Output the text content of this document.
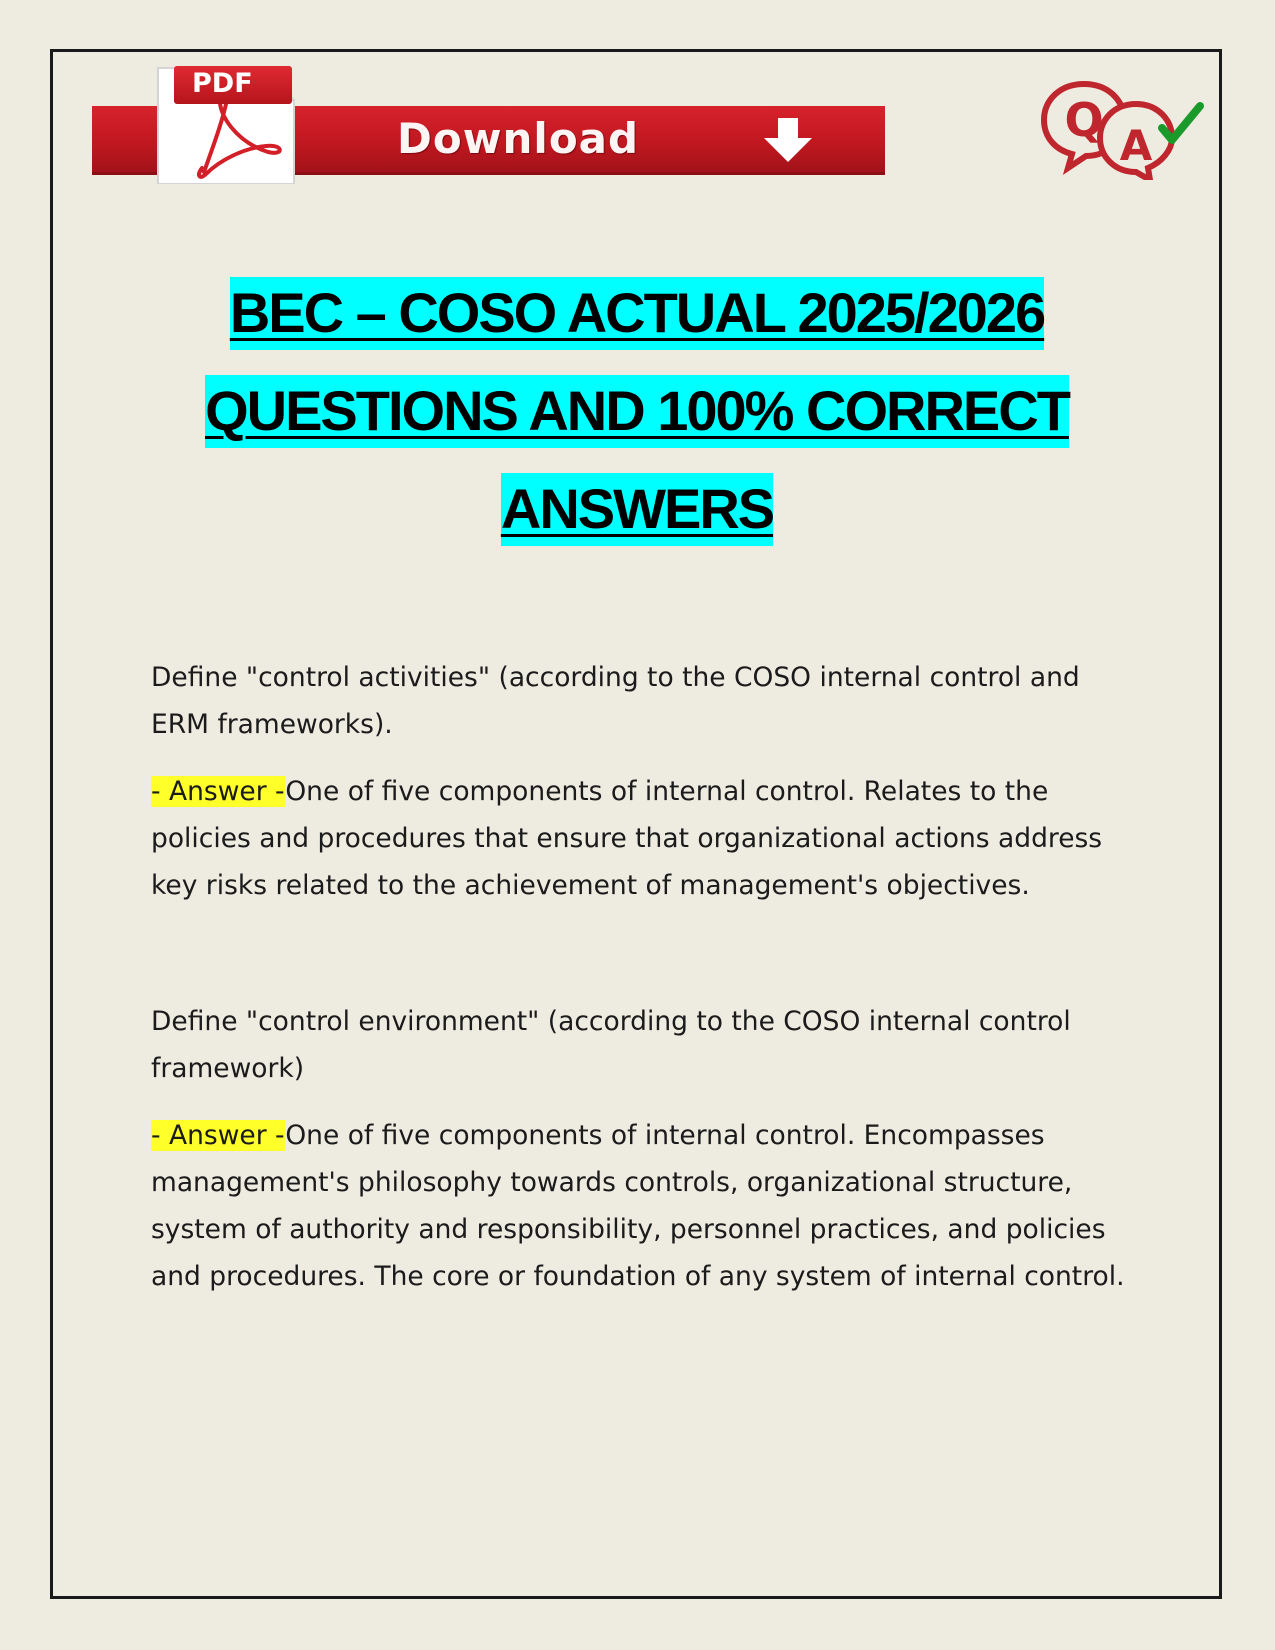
Download
PDF
Q A
BEC – COSO ACTUAL 2025/2026
QUESTIONS AND 100% CORRECT
ANSWERS

Define "control activities" (according to the COSO internal control and ERM frameworks).

- Answer -One of five components of internal control. Relates to the policies and procedures that ensure that organizational actions address key risks related to the achievement of management's objectives.

Define "control environment" (according to the COSO internal control framework)

- Answer -One of five components of internal control. Encompasses management's philosophy towards controls, organizational structure, system of authority and responsibility, personnel practices, and policies and procedures. The core or foundation of any system of internal control.
